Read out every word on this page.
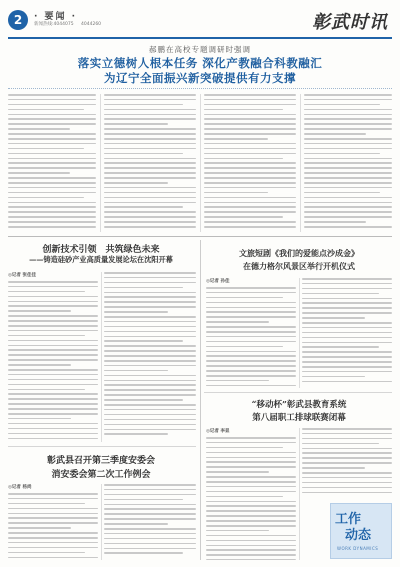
2	· 要闻 ·
新闻热线:4044075 4044260	彰武时讯
郝鹏在高校专题调研时强调
落实立德树人根本任务 深化产教融合科教融汇
为辽宁全面振兴新突破提供有力支撑
创新技术引领　共筑绿色未来
——铸造硅砂产业高质量发展论坛在沈阳开幕
◎记者 张佳佳
文旅短剧《我们的爱能点沙成金》
在德力格尔风景区举行开机仪式
◎记者 孙佳
“移动杯”彰武县教育系统
第八届职工排球联赛闭幕
◎记者 李显
工作
动态
WORK DYNAMICS
彰武县召开第三季度安委会
消安委会第二次工作例会
◎记者 杨尚
